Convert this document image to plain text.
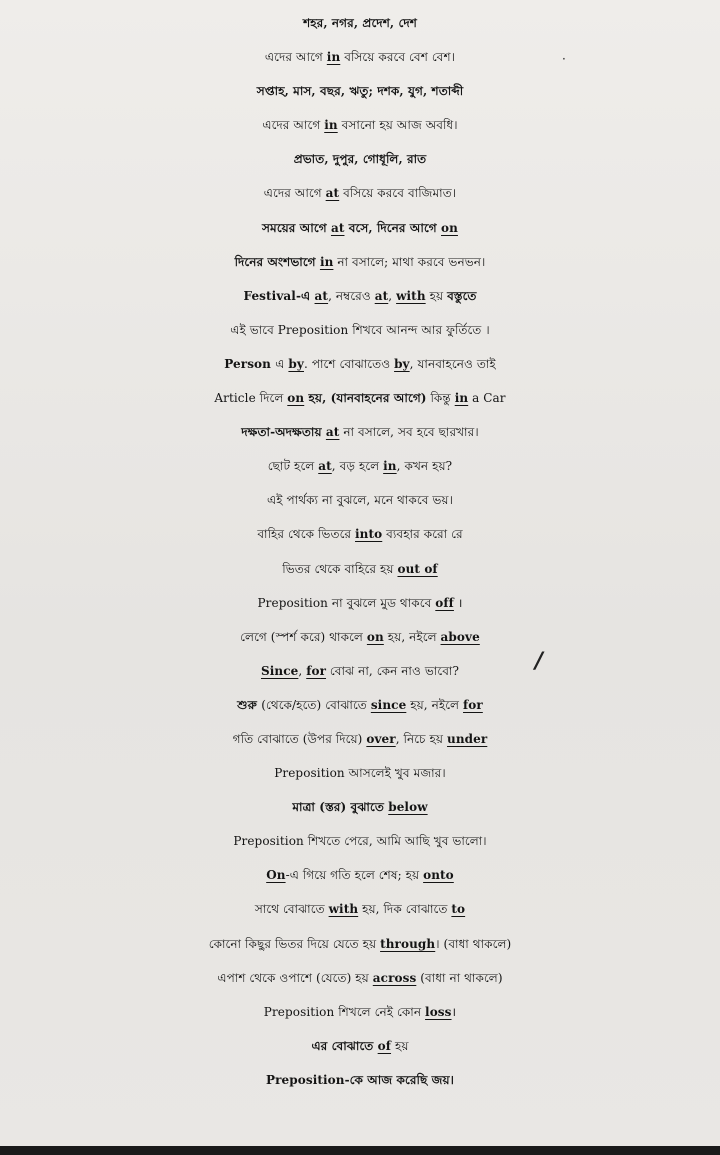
শহর, নগর, প্রদেশ, দেশ
এদের আগে in বসিয়ে করবে বেশ বেশ।
সপ্তাহ, মাস, বছর, ঋতু; দশক, যুগ, শতাব্দী
এদের আগে in বসানো হয় আজ অবধি।
প্রভাত, দুপুর, গোধূলি, রাত
এদের আগে at বসিয়ে করবে বাজিমাত।
সময়ের আগে at বসে, দিনের আগে on
দিনের অংশভাগে in না বসালে; মাথা করবে ভনভন।
Festival-এ at, নম্বরেও at, with হয় বস্তুতে
এই ভাবে Preposition শিখবে আনন্দ আর ফুর্তিতে ।
Person এ by. পাশে বোঝাতেও by, যানবাহনেও তাই
Article দিলে on হয়, (যানবাহনের আগে) কিন্তু in a Car
দক্ষতা-অদক্ষতায় at না বসালে, সব হবে ছারখার।
ছোট হলে at, বড় হলে in, কখন হয়?
এই পার্থক্য না বুঝলে, মনে থাকবে ভয়।
বাহির থেকে ভিতরে into ব্যবহার করো রে
ভিতর থেকে বাহিরে হয় out of
Preposition না বুঝলে মুড থাকবে off ।
লেগে (স্পর্শ করে) থাকলে on হয়, নইলে above
Since, for বোঝ না, কেন নাও ভাবো?
শুরু (থেকে/হতে) বোঝাতে since হয়, নইলে for
গতি বোঝাতে (উপর দিয়ে) over, নিচে হয় under
Preposition আসলেই খুব মজার।
মাত্রা (স্তর) বুঝাতে below
Preposition শিখতে পেরে, আমি আছি খুব ভালো।
On-এ গিয়ে গতি হলে শেষ; হয় onto
সাথে বোঝাতে with হয়, দিক বোঝাতে to
কোনো কিছুর ভিতর দিয়ে যেতে হয় through। (বাধা থাকলে)
এপাশ থেকে ওপাশে (যেতে) হয় across (বাধা না থাকলে)
Preposition শিখলে নেই কোন loss।
এর বোঝাতে of হয়
Preposition-কে আজ করেছি জয়।
·
/
